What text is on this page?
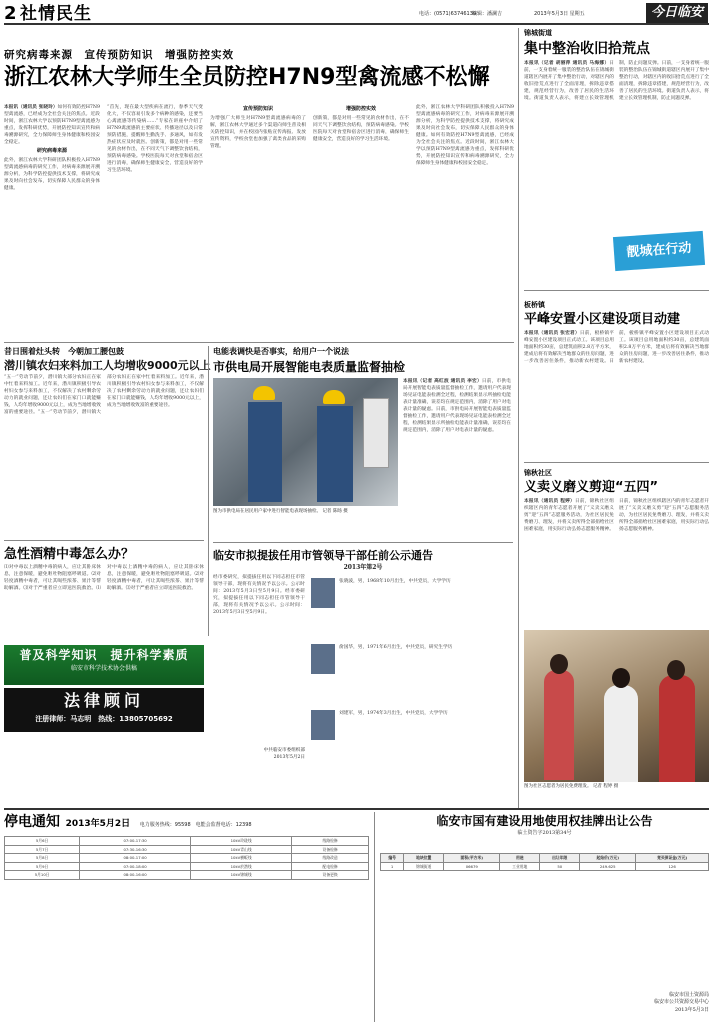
2 社情民生	电话：(0571)63746130
编辑：潘澜吉	2013年5月3日 星期五	今日临安
研究病毒来源　宣传预防知识　增强防控实效
浙江农林大学师生全员防控H7N9型禽流感不松懈
本报讯（通讯员 张晓玲）如何有效防控H7N9型禽流感，已经成为全社会关注的焦点。近段时间，浙江农林大学以预防H7N9型禽流感为重点，发挥科研优势，开展防控知识宣传和病毒溯源研究，全力保障师生身体健康和校园安全稳定。
研究病毒来源
此外，浙江农林大学科研团队积极投入H7N9型禽流感病毒的研究工作，对病毒来源展开溯源分析，为科学防控提供技术支撑，将研究成果及时向社会发布，切实保障人民群众的身体健康。
“首先，现在最大型疾病在流行，春季天气变化大，不仅容易引发多个病种的感染，还要当心禽流感等传染病……”专家在讲座中介绍了H7N9禽流感的主要症状、传播途径以及日常预防措施，提醒师生勤洗手、多通风，如有发热症状应及时就医。创新策，都是对用一些常见的食材作出，在不同天气下调整饮食结构，预防病毒感染。学校医院每天对食堂和宿舍区进行消毒，确保师生健康安全，营造良好的学习生活环境。
宣传预防知识
为增强广大师生对H7N9型禽流感病毒的了解，浙江农林大学通过多个渠道向师生普及相关防控知识，并在校园内张贴宣传海报、发放宣传资料，学校食堂也加强了禽类食品的采购管理。
增强防控实效
创新策，都是对用一些常见的食材作出，在不同天气下调整饮食结构，预防病毒感染。学校医院每天对食堂和宿舍区进行消毒，确保师生健康安全，营造良好的学习生活环境。
此外，浙江农林大学科研团队积极投入H7N9型禽流感病毒的研究工作，对病毒来源展开溯源分析，为科学防控提供技术支撑，将研究成果及时向社会发布，切实保障人民群众的身体健康。如何有效防控H7N9型禽流感，已经成为全社会关注的焦点。近段时间，浙江农林大学以预防H7N9型禽流感为重点，发挥科研优势，开展防控知识宣传和病毒溯源研究，全力保障师生身体健康和校园安全稳定。
锦城街道
集中整治收旧拾荒点
本报讯（记者 胡丽萍 通讯员 马海娜）日前，一支身着统一服装的整治队伍在锦城街道辖区内展开了集中整治行动，对辖区内的收旧拾荒点进行了全面清理，拆除违章搭建，规范经营行为，改善了居民的生活环境。街道负责人表示，将建立长效管理机制，防止问题反弹。日前，一支身着统一服装的整治队伍在锦城街道辖区内展开了集中整治行动，对辖区内的收旧拾荒点进行了全面清理，拆除违章搭建，规范经营行为，改善了居民的生活环境。街道负责人表示，将建立长效管理机制，防止问题反弹。
靓城在行动
板桥镇
平峰安置小区建设项目动建
本报讯（通讯员 张宏君）日前，板桥镇平峰安置小区建设项目正式动工。该项目总用地面积约30亩，总建筑面积2.8万平方米，建成后将有效解决当地群众的住房问题，进一步改善居住条件，推动新农村建设。日前，板桥镇平峰安置小区建设项目正式动工。该项目总用地面积约30亩，总建筑面积2.8万平方米，建成后将有效解决当地群众的住房问题，进一步改善居住条件，推动新农村建设。
锦秋社区
义卖义磨义剪迎“五四”
本报讯（通讯员 程婷）日前，锦秋社区组织辖区内的青年志愿者开展了“义卖义磨义剪”迎“五四”志愿服务活动，为社区居民免费磨刀、理发，并将义卖所得全部捐给社区困难家庭，用实际行动弘扬志愿服务精神。日前，锦秋社区组织辖区内的青年志愿者开展了“义卖义磨义剪”迎“五四”志愿服务活动，为社区居民免费磨刀、理发，并将义卖所得全部捐给社区困难家庭，用实际行动弘扬志愿服务精神。
图为社区志愿者为居民免费理发。 记者 程婷 摄
昔日围着灶头转　今朝加工腰包鼓
潜川镇农妇来料加工人均增收9000元以上
“五一”劳动节前夕，潜川镇大部分农妇正在家中忙着来料加工。近年来，潜川镇积极引导农村妇女参与来料加工，不仅解决了农村剩余劳动力的就业问题，还让农妇们在家门口就能赚钱，人均年增收9000元以上，成为当地增收致富的重要途径。“五一”劳动节前夕，潜川镇大部分农妇正在家中忙着来料加工。近年来，潜川镇积极引导农村妇女参与来料加工，不仅解决了农村剩余劳动力的就业问题，还让农妇们在家门口就能赚钱，人均年增收9000元以上，成为当地增收致富的重要途径。
电能表调快是否事实，给用户一个说法
市供电局开展智能电表质量监督抽检
本报讯（记者 高红波 通讯员 李宏）日前，市供电局开展智能电表质量监督抽检工作，邀请用户代表现场见证电能表检测全过程，检测结果显示所抽检电能表计量准确，误差均在规定范围内，消除了用户对电表计量的疑虑。日前，市供电局开展智能电表质量监督抽检工作，邀请用户代表现场见证电能表检测全过程，检测结果显示所抽检电能表计量准确，误差均在规定范围内，消除了用户对电表计量的疑虑。
图为市供电局在居民用户家中进行智能电表现场抽检。 记者 陈旸 摄
急性酒精中毒怎么办？
⑴对中毒以上酒精中毒的病人，应让其卧床休息，注意保暖，避免呕吐物阻塞呼吸道。⑵对轻度酒精中毒者，可让其喝些浓茶、果汁等帮助解酒。⑶对于严重者应立即送医院救治。⑴对中毒以上酒精中毒的病人，应让其卧床休息，注意保暖，避免呕吐物阻塞呼吸道。⑵对轻度酒精中毒者，可让其喝些浓茶、果汁等帮助解酒。⑶对于严重者应立即送医院救治。
普及科学知识　提升科学素质
临安市科学技术协会供稿
法律顾问
注册律师：马志明　热线：13805705692
临安市拟提拔任用市管领导干部任前公示通告
2013年第2号
经市委研究，拟提拔任用以下同志担任市管领导干部，现将有关情况予以公示。公示时间：2013年5月3日至5月9日。经市委研究，拟提拔任用以下同志担任市管领导干部，现将有关情况予以公示。公示时间：2013年5月3日至5月9日。
中共临安市委组织部
2013年5月2日
张晓波，男，1968年10月出生，中共党员，大学学历
俞国华，男，1971年6月出生，中共党员，研究生学历
刘建军，男，1974年3月出生，中共党员，大学学历
停电通知 2013年5月2日 电力服务热线：95598　电能会监督电话：12398
5月6日	07:00-17:30	10kV玲珑线	线路检修
5月7日	07:30-16:30	10kV青山线	设备检修
5月8日	08:00-17:00	10kV横畈线	线路改造
5月9日	07:00-18:00	10kV於潜线	配电检修
5月10日	08:00-16:00	10kV锦城线	设备更换
临安市国有建设用地使用权挂牌出让公告
临土资告字2013第34号
编号	地块位置	面积(平方米)	用途	出让年限	起始价(万元)	竞买保证金(万元)
1	锦城街道	06679	工业用地	50	249.625	126
临安市国土资源局
临安市公共资源交易中心
2013年5月3日
